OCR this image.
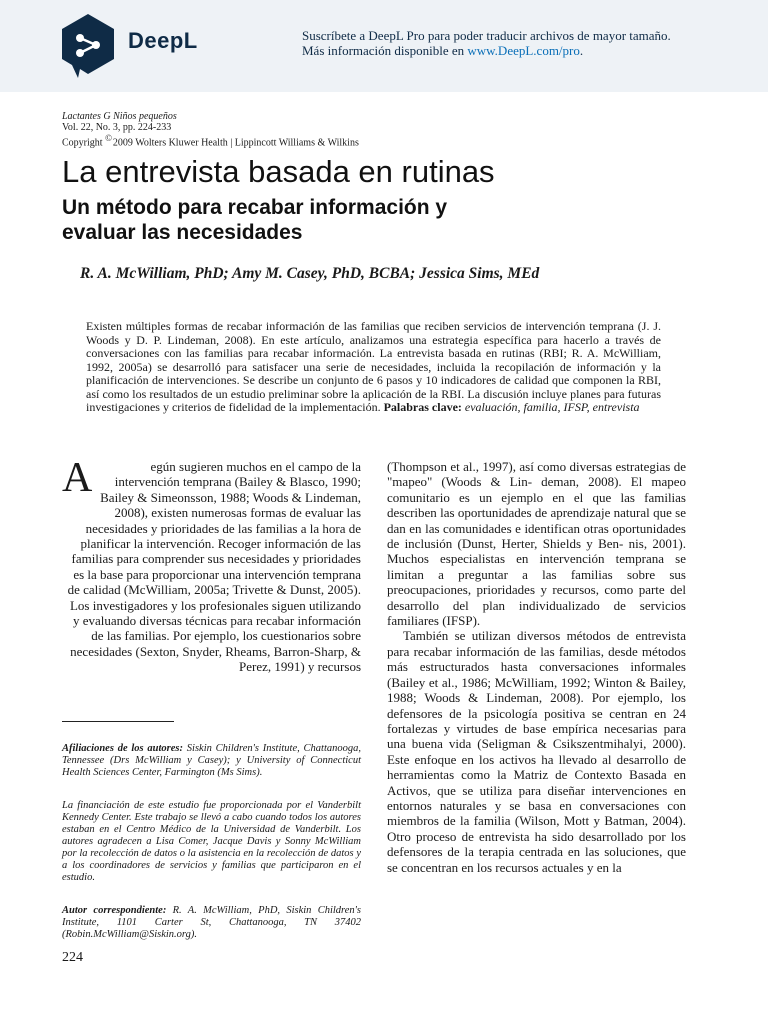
DeepL	Suscríbete a DeepL Pro para poder traducir archivos de mayor tamaño.
Más información disponible en www.DeepL.com/pro.
Lactantes G Niños pequeños
Vol. 22, No. 3, pp. 224-233
Copyright ©2009 Wolters Kluwer Health | Lippincott Williams & Wilkins
La entrevista basada en rutinas
Un método para recabar información y evaluar las necesidades
R. A. McWilliam, PhD; Amy M. Casey, PhD, BCBA; Jessica Sims, MEd
Existen múltiples formas de recabar información de las familias que reciben servicios de intervención temprana (J. J. Woods y D. P. Lindeman, 2008). En este artículo, analizamos una estrategia específica para hacerlo a través de conversaciones con las familias para recabar información. La entrevista basada en rutinas (RBI; R. A. McWilliam, 1992, 2005a) se desarrolló para satisfacer una serie de necesidades, incluida la recopilación de información y la planificación de intervenciones. Se describe un conjunto de 6 pasos y 10 indicadores de calidad que componen la RBI, así como los resultados de un estudio preliminar sobre la aplicación de la RBI. La discusión incluye planes para futuras investigaciones y criterios de fidelidad de la implementación. Palabras clave: evaluación, familia, IFSP, entrevista
A	egún sugieren muchos en el campo de la intervención temprana (Bailey & Blasco, 1990; Bailey & Simeonsson, 1988; Woods & Lindeman, 2008), existen numerosas formas de evaluar las necesidades y prioridades de las familias a la hora de planificar la intervención. Recoger información de las familias para comprender sus necesidades y prioridades es la base para proporcionar una intervención temprana de calidad (McWilliam, 2005a; Trivette & Dunst, 2005). Los investigadores y los profesionales siguen utilizando y evaluando diversas técnicas para recabar información de las familias. Por ejemplo, los cuestionarios sobre necesidades (Sexton, Snyder, Rheams, Barron-Sharp, & Perez, 1991) y recursos

(Thompson et al., 1997), así como diversas estrategias de "mapeo" (Woods & Lin- deman, 2008). El mapeo comunitario es un ejemplo en el que las familias describen las oportunidades de aprendizaje natural que se dan en las comunidades e identifican otras oportunidades de inclusión (Dunst, Herter, Shields y Ben- nis, 2001). Muchos especialistas en intervención temprana se limitan a preguntar a las familias sobre sus preocupaciones, prioridades y recursos, como parte del desarrollo del plan individualizado de servicios familiares (IFSP).

También se utilizan diversos métodos de entrevista para recabar información de las familias, desde métodos más estructurados hasta conversaciones informales (Bailey et al., 1986; McWilliam, 1992; Winton & Bailey, 1988; Woods & Lindeman, 2008). Por ejemplo, los defensores de la psicología positiva se centran en 24 fortalezas y virtudes de base empírica necesarias para una buena vida (Seligman & Csikszentmihalyi, 2000). Este enfoque en los activos ha llevado al desarrollo de herramientas como la Matriz de Contexto Basada en Activos, que se utiliza para diseñar intervenciones en entornos naturales y se basa en conversaciones con miembros de la familia (Wilson, Mott y Batman, 2004). Otro proceso de entrevista ha sido desarrollado por los defensores de la terapia centrada en las soluciones, que se concentran en los recursos actuales y en la

Afiliaciones de los autores: Siskin Children's Institute, Chattanooga, Tennessee (Drs McWilliam y Casey); y University of Connecticut Health Sciences Center, Farmington (Ms Sims).
La financiación de este estudio fue proporcionada por el Vanderbilt Kennedy Center. Este trabajo se llevó a cabo cuando todos los autores estaban en el Centro Médico de la Universidad de Vanderbilt. Los autores agradecen a Lisa Comer, Jacque Davis y Sonny McWilliam por la recolección de datos o la asistencia en la recolección de datos y a los coordinadores de servicios y familias que participaron en el estudio.
Autor correspondiente: R. A. McWilliam, PhD, Siskin Children's Institute, 1101 Carter St, Chattanooga, TN 37402 (Robin.McWilliam@Siskin.org).
224
